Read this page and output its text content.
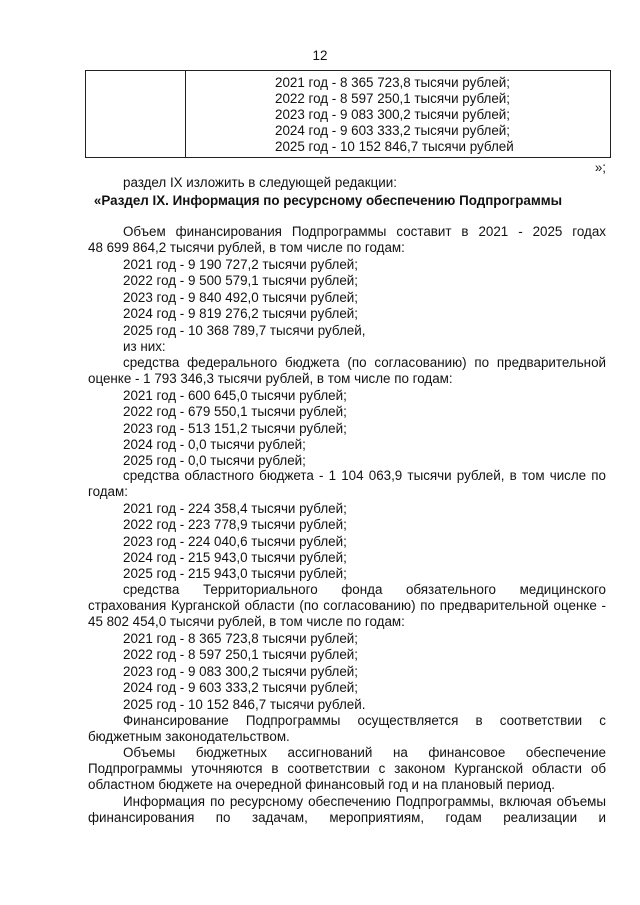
12
2021 год - 8 365 723,8 тысячи рублей;
2022 год - 8 597 250,1 тысячи рублей;
2023 год - 9 083 300,2 тысячи рублей;
2024 год - 9 603 333,2 тысячи рублей;
2025 год - 10 152 846,7 тысячи рублей
»;
раздел IX изложить в следующей редакции:
«Раздел IX. Информация по ресурсному обеспечению Подпрограммы
Объем финансирования Подпрограммы составит в 2021 - 2025 годах
48 699 864,2 тысячи рублей, в том числе по годам:
2021 год - 9 190 727,2 тысячи рублей;
2022 год - 9 500 579,1 тысячи рублей;
2023 год - 9 840 492,0 тысячи рублей;
2024 год - 9 819 276,2 тысячи рублей;
2025 год - 10 368 789,7 тысячи рублей,
из них:
средства федерального бюджета (по согласованию) по предварительной
оценке - 1 793 346,3 тысячи рублей, в том числе по годам:
2021 год - 600 645,0 тысячи рублей;
2022 год - 679 550,1 тысячи рублей;
2023 год - 513 151,2 тысячи рублей;
2024 год - 0,0 тысячи рублей;
2025 год - 0,0 тысячи рублей;
средства областного бюджета - 1 104 063,9 тысячи рублей, в том числе по
годам:
2021 год - 224 358,4 тысячи рублей;
2022 год - 223 778,9 тысячи рублей;
2023 год - 224 040,6 тысячи рублей;
2024 год - 215 943,0 тысячи рублей;
2025 год - 215 943,0 тысячи рублей;
средства Территориального фонда обязательного медицинского
страхования Курганской области (по согласованию) по предварительной оценке -
45 802 454,0 тысячи рублей, в том числе по годам:
2021 год - 8 365 723,8 тысячи рублей;
2022 год - 8 597 250,1 тысячи рублей;
2023 год - 9 083 300,2 тысячи рублей;
2024 год - 9 603 333,2 тысячи рублей;
2025 год - 10 152 846,7 тысячи рублей.
Финансирование Подпрограммы осуществляется в соответствии с
бюджетным законодательством.
Объемы бюджетных ассигнований на финансовое обеспечение
Подпрограммы уточняются в соответствии с законом Курганской области об
областном бюджете на очередной финансовый год и на плановый период.
Информация по ресурсному обеспечению Подпрограммы, включая объемы
финансирования по задачам, мероприятиям, годам реализации и
